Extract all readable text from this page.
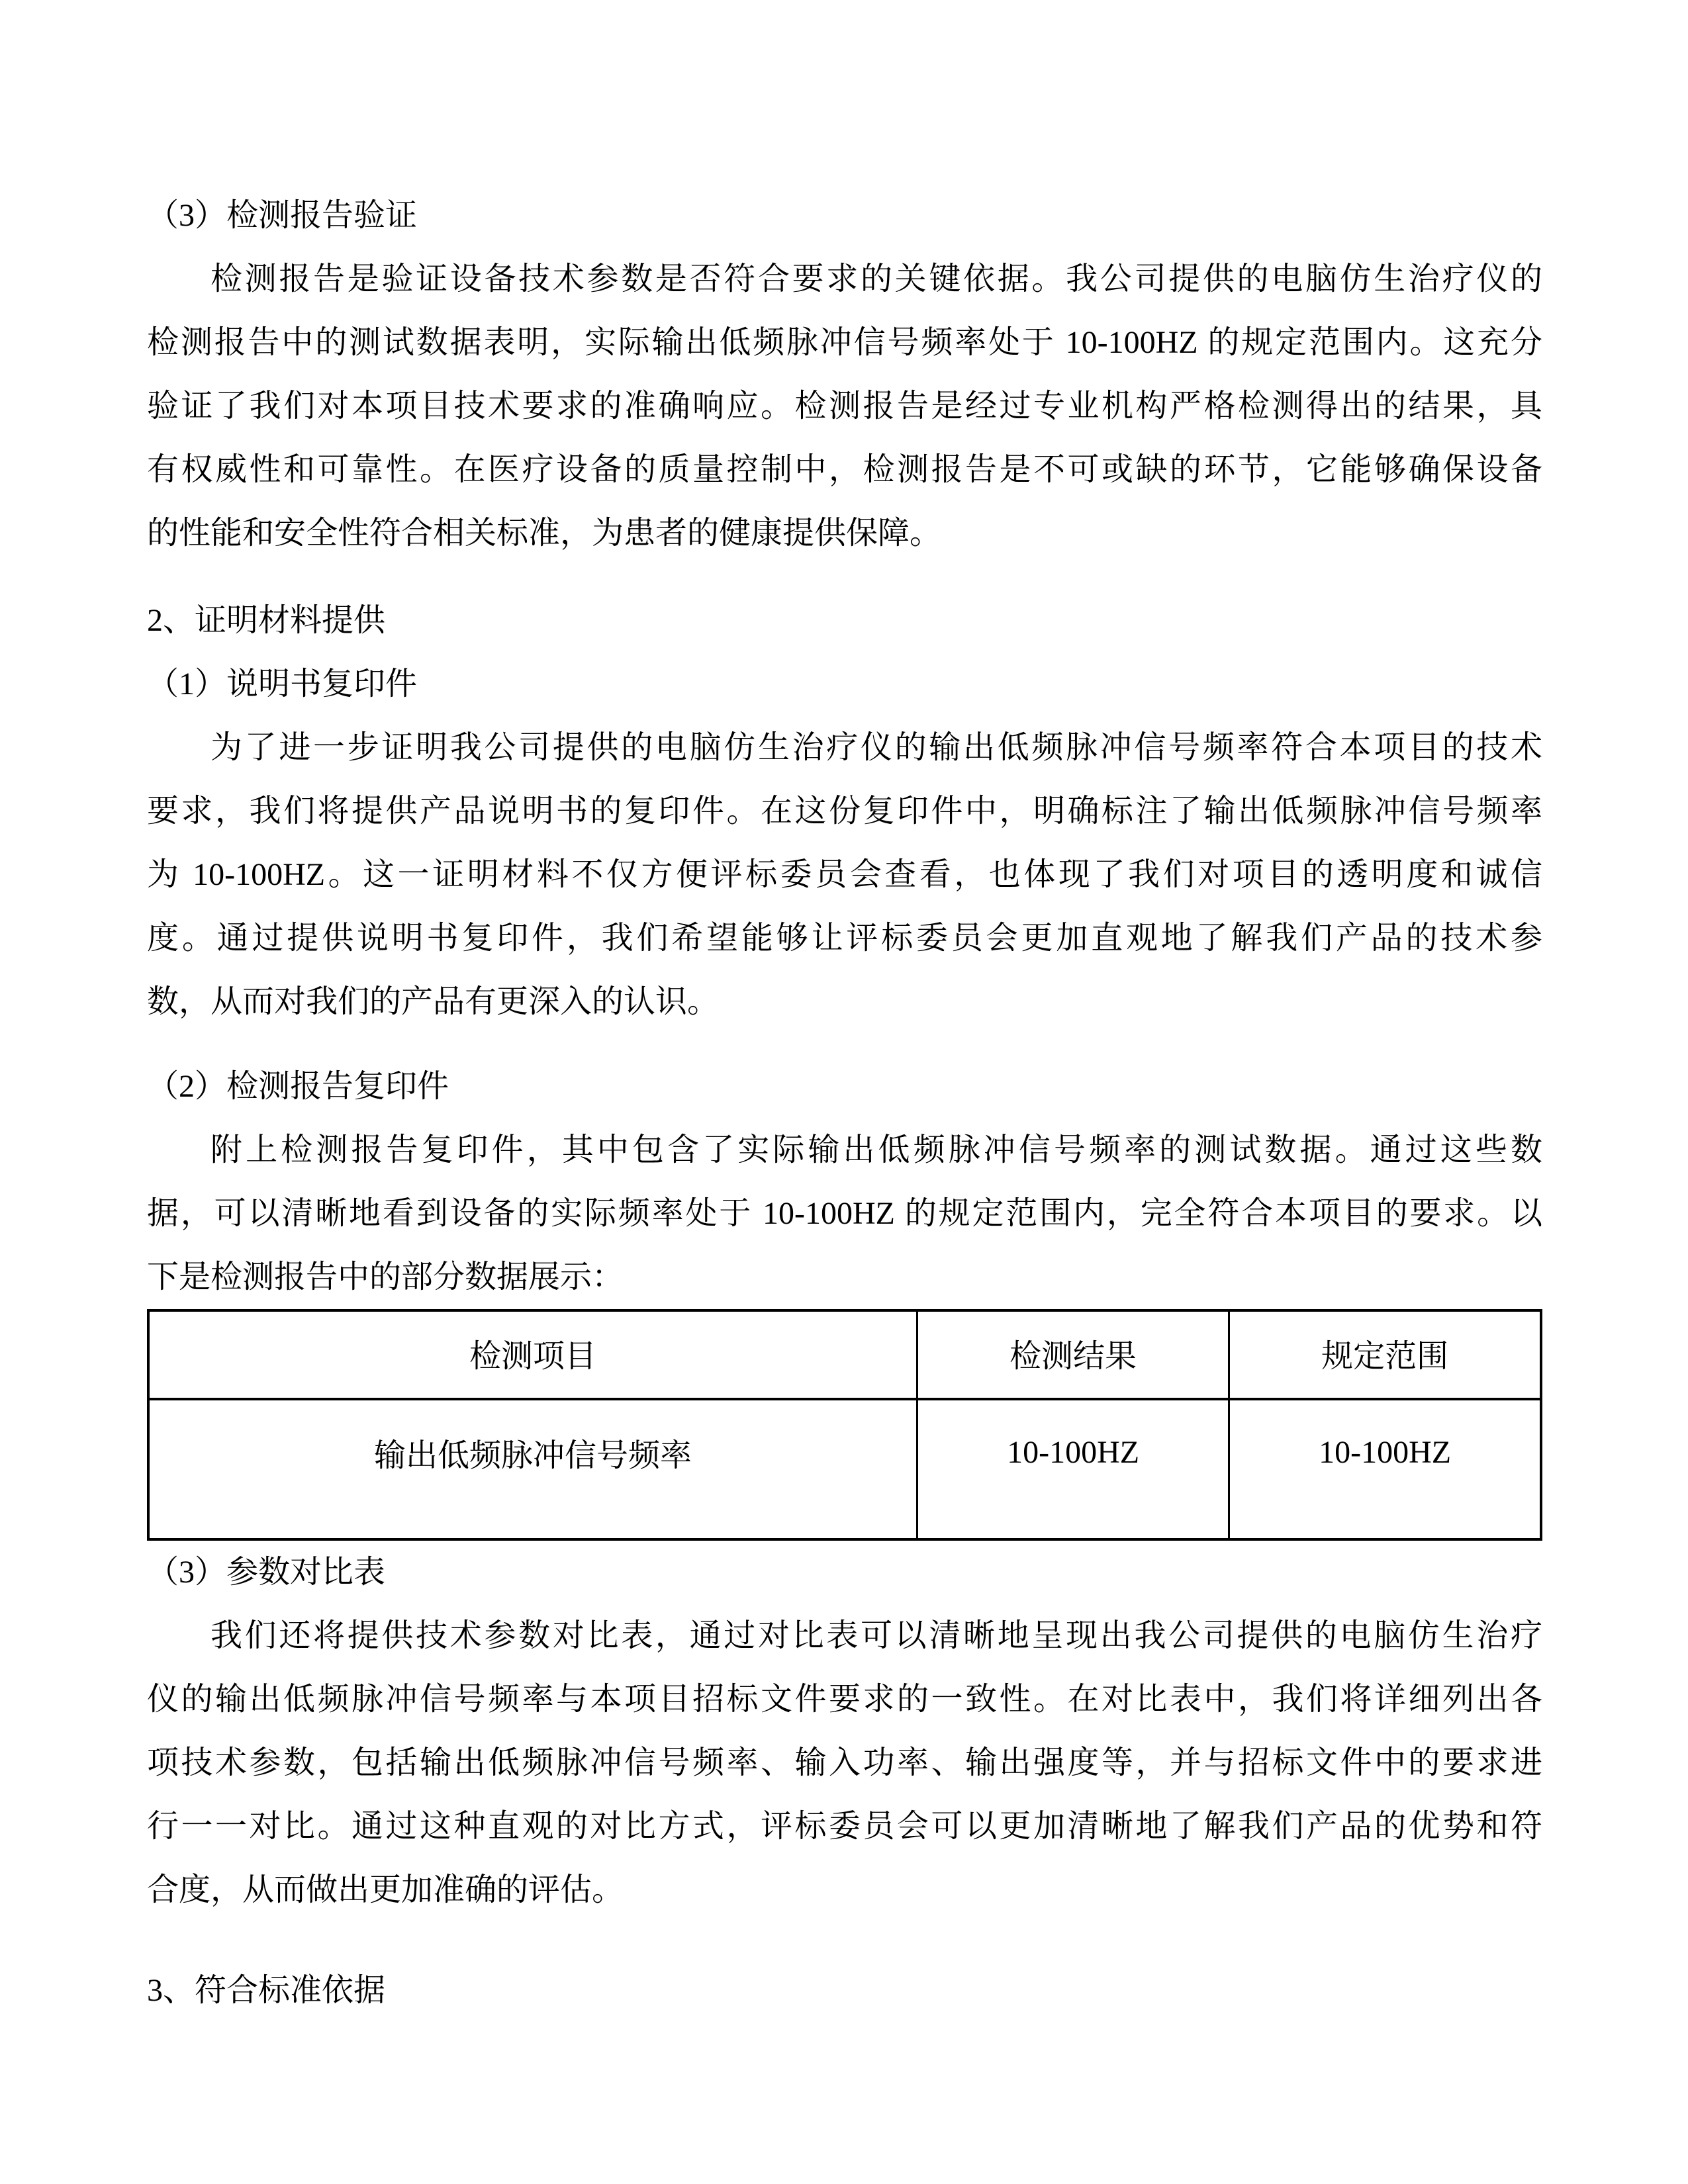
（3）检测报告验证
检测报告是验证设备技术参数是否符合要求的关键依据。我公司提供的电脑仿生治疗仪的
检测报告中的测试数据表明，实际输出低频脉冲信号频率处于 10-100HZ 的规定范围内。这充分
验证了我们对本项目技术要求的准确响应。检测报告是经过专业机构严格检测得出的结果，具
有权威性和可靠性。在医疗设备的质量控制中，检测报告是不可或缺的环节，它能够确保设备
的性能和安全性符合相关标准，为患者的健康提供保障。
2、证明材料提供
（1）说明书复印件
为了进一步证明我公司提供的电脑仿生治疗仪的输出低频脉冲信号频率符合本项目的技术
要求，我们将提供产品说明书的复印件。在这份复印件中，明确标注了输出低频脉冲信号频率
为 10-100HZ。这一证明材料不仅方便评标委员会查看，也体现了我们对项目的透明度和诚信
度。通过提供说明书复印件，我们希望能够让评标委员会更加直观地了解我们产品的技术参
数，从而对我们的产品有更深入的认识。
（2）检测报告复印件
附上检测报告复印件，其中包含了实际输出低频脉冲信号频率的测试数据。通过这些数
据，可以清晰地看到设备的实际频率处于 10-100HZ 的规定范围内，完全符合本项目的要求。以
下是检测报告中的部分数据展示：
检测项目	检测结果	规定范围
输出低频脉冲信号频率	10-100HZ	10-100HZ
（3）参数对比表
我们还将提供技术参数对比表，通过对比表可以清晰地呈现出我公司提供的电脑仿生治疗
仪的输出低频脉冲信号频率与本项目招标文件要求的一致性。在对比表中，我们将详细列出各
项技术参数，包括输出低频脉冲信号频率、输入功率、输出强度等，并与招标文件中的要求进
行一一对比。通过这种直观的对比方式，评标委员会可以更加清晰地了解我们产品的优势和符
合度，从而做出更加准确的评估。
3、符合标准依据
